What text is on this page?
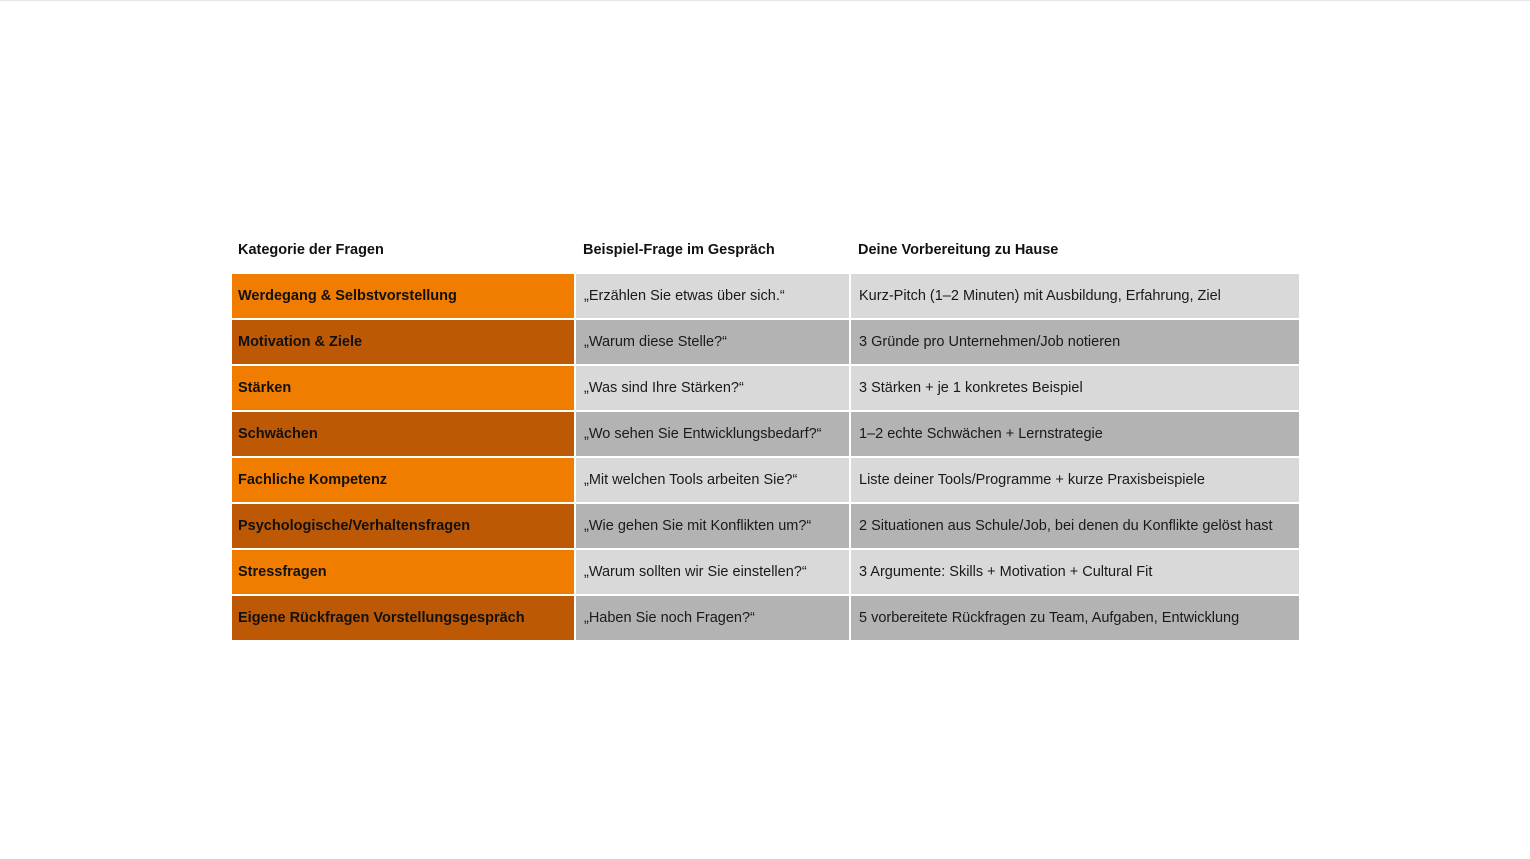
Kategorie der Fragen	Beispiel-Frage im Gespräch	Deine Vorbereitung zu Hause
Werdegang & Selbstvorstellung	„Erzählen Sie etwas über sich.“	Kurz-Pitch (1–2 Minuten) mit Ausbildung, Erfahrung, Ziel
Motivation & Ziele	„Warum diese Stelle?“	3 Gründe pro Unternehmen/Job notieren
Stärken	„Was sind Ihre Stärken?“	3 Stärken + je 1 konkretes Beispiel
Schwächen	„Wo sehen Sie Entwicklungsbedarf?“	1–2 echte Schwächen + Lernstrategie
Fachliche Kompetenz	„Mit welchen Tools arbeiten Sie?“	Liste deiner Tools/Programme + kurze Praxisbeispiele
Psychologische/Verhaltensfragen	„Wie gehen Sie mit Konflikten um?“	2 Situationen aus Schule/Job, bei denen du Konflikte gelöst hast
Stressfragen	„Warum sollten wir Sie einstellen?“	3 Argumente: Skills + Motivation + Cultural Fit
Eigene Rückfragen Vorstellungsgespräch	„Haben Sie noch Fragen?“	5 vorbereitete Rückfragen zu Team, Aufgaben, Entwicklung
